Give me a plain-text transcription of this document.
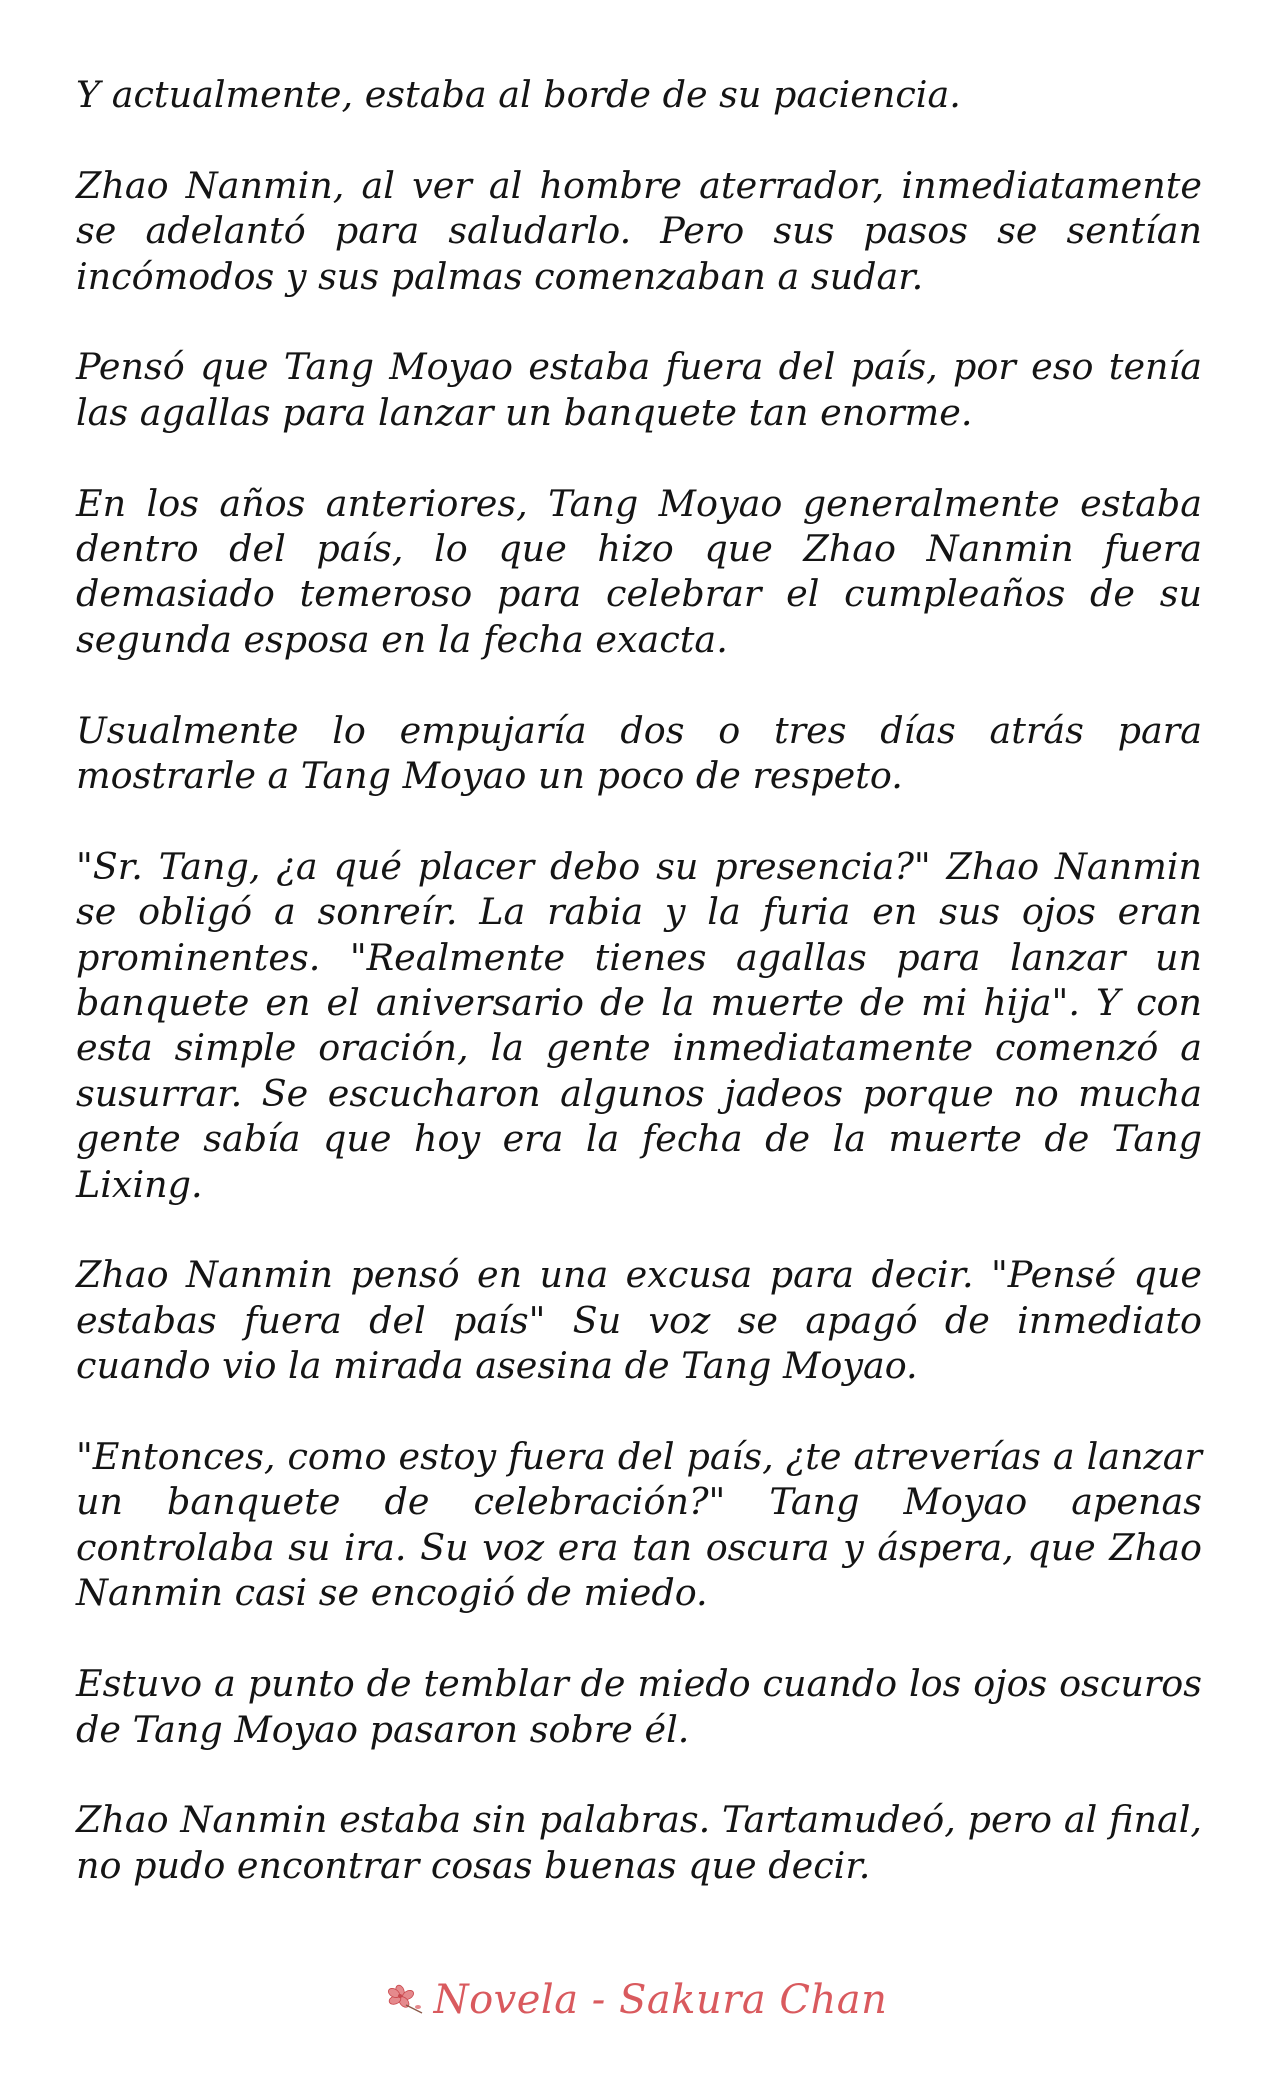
Y actualmente, estaba al borde de su paciencia.

Zhao Nanmin, al ver al hombre aterrador, inmediatamente se adelantó para saludarlo. Pero sus pasos se sentían incómodos y sus palmas comenzaban a sudar.

Pensó que Tang Moyao estaba fuera del país, por eso tenía las agallas para lanzar un banquete tan enorme.

En los años anteriores, Tang Moyao generalmente estaba dentro del país, lo que hizo que Zhao Nanmin fuera demasiado temeroso para celebrar el cumpleaños de su segunda esposa en la fecha exacta.

Usualmente lo empujaría dos o tres días atrás para mostrarle a Tang Moyao un poco de respeto.

"Sr. Tang, ¿a qué placer debo su presencia?" Zhao Nanmin se obligó a sonreír. La rabia y la furia en sus ojos eran prominentes. "Realmente tienes agallas para lanzar un banquete en el aniversario de la muerte de mi hija". Y con esta simple oración, la gente inmediatamente comenzó a susurrar. Se escucharon algunos jadeos porque no mucha gente sabía que hoy era la fecha de la muerte de Tang Lixing.

Zhao Nanmin pensó en una excusa para decir. "Pensé que estabas fuera del país" Su voz se apagó de inmediato cuando vio la mirada asesina de Tang Moyao.

"Entonces, como estoy fuera del país, ¿te atreverías a lanzar un banquete de celebración?" Tang Moyao apenas controlaba su ira. Su voz era tan oscura y áspera, que Zhao Nanmin casi se encogió de miedo.

Estuvo a punto de temblar de miedo cuando los ojos oscuros de Tang Moyao pasaron sobre él.

Zhao Nanmin estaba sin palabras. Tartamudeó, pero al final, no pudo encontrar cosas buenas que decir.

Novela - Sakura Chan
